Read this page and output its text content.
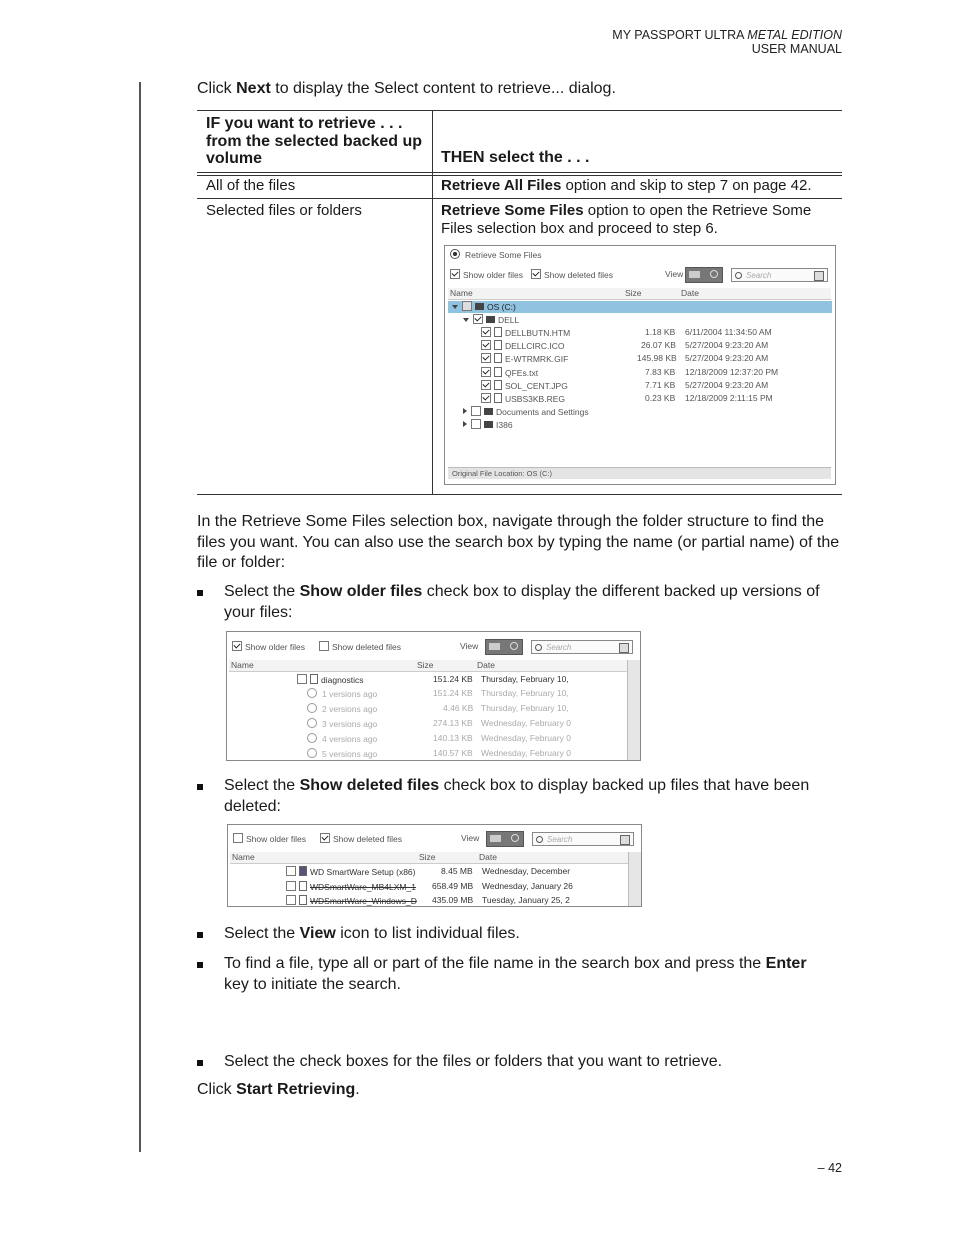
MY PASSPORT ULTRA METAL EDITION
USER MANUAL
Click Next to display the Select content to retrieve... dialog.
IF you want to retrieve . . . from the selected backed up volume	THEN select the . . .
All of the files	Retrieve All Files option and skip to step 7 on page 42.
Selected files or folders	Retrieve Some Files option to open the Retrieve Some Files selection box and proceed to step 6.
Retrieve Some Files
Show older files	Show deleted files	View	Search
Name	Size	Date
OS (C:)
DELL
DELLBUTN.HTM	1.18 KB 6/11/2004 11:34:50 AM
DELLCIRC.ICO	26.07 KB 5/27/2004 9:23:20 AM
E-WTRMRK.GIF	145.98 KB 5/27/2004 9:23:20 AM
QFEs.txt	7.83 KB 12/18/2009 12:37:20 PM
SOL_CENT.JPG	7.71 KB 5/27/2004 9:23:20 AM
USBS3KB.REG	0.23 KB 12/18/2009 2:11:15 PM
Documents and Settings
I386
Original File Location: OS (C:)
In the Retrieve Some Files selection box, navigate through the folder structure to find the files you want. You can also use the search box by typing the name (or partial name) of the file or folder:
Select the Show older files check box to display the different backed up versions of your files:
Show older files	Show deleted files	View	Search
Name	Size	Date
diagnostics	151.24 KB Thursday, February 10,
1 versions ago	151.24 KB Thursday, February 10,
2 versions ago	4.46 KB Thursday, February 10,
3 versions ago	274.13 KB Wednesday, February 0
4 versions ago	140.13 KB Wednesday, February 0
5 versions ago	140.57 KB Wednesday, February 0
Select the Show deleted files check box to display backed up files that have been deleted:
Show older files	Show deleted files	View	Search
Name	Size	Date
WD SmartWare Setup (x86)	8.45 MB Wednesday, December
WDSmartWare_MB4LXM_1 658.49 MB Wednesday, January 26
WDSmartWare_Windows_D 435.09 MB Tuesday, January 25, 2
Select the View icon to list individual files.
To find a file, type all or part of the file name in the search box and press the Enter key to initiate the search.
Select the check boxes for the files or folders that you want to retrieve.
Click Start Retrieving.
– 42
